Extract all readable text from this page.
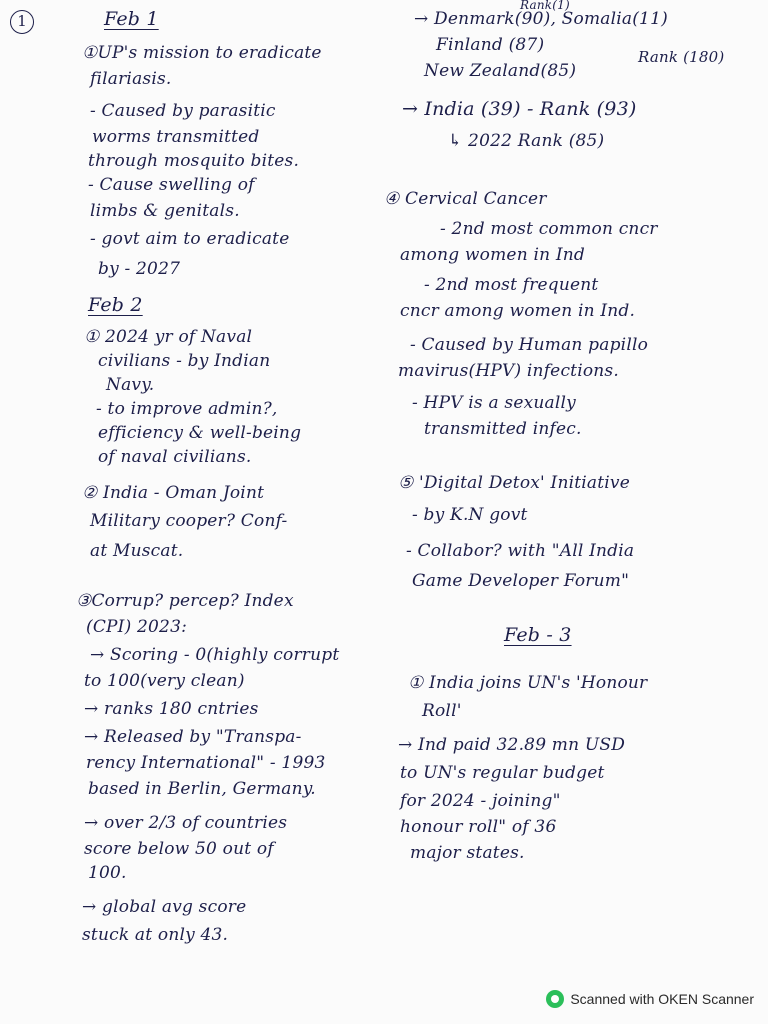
1	Feb 1
①UP's mission to eradicate
filariasis.
- Caused by parasitic
worms transmitted
through mosquito bites.
- Cause swelling of
limbs & genitals.
- govt aim to eradicate
by - 2027
Feb 2
① 2024 yr of Naval
civilians - by Indian
Navy.
- to improve admin?,
efficiency & well-being
of naval civilians.
② India - Oman Joint
Military cooper? Conf-
at Muscat.
③Corrup? percep? Index
(CPI) 2023:
→ Scoring - 0(highly corrupt
to 100(very clean)
→ ranks 180 cntries
→ Released by "Transpa-
rency International" - 1993
based in Berlin, Germany.
→ over 2/3 of countries
score below 50 out of
100.
→ global avg score
stuck at only 43.
→ Denmark(90), Somalia(11)
Rank(1)
Finland (87)
Rank (180)
New Zealand(85)
→ India (39) - Rank (93)
↳ 2022 Rank (85)
④ Cervical Cancer
- 2nd most common cncr
among women in Ind
- 2nd most frequent
cncr among women in Ind.
- Caused by Human papillo
mavirus(HPV) infections.
- HPV is a sexually
transmitted infec.
⑤ 'Digital Detox' Initiative
- by K.N govt
- Collabor? with "All India
Game Developer Forum"
Feb - 3
① India joins UN's 'Honour
Roll'
→ Ind paid 32.89 mn USD
to UN's regular budget
for 2024 - joining"
honour roll" of 36
major states.
Scanned with OKEN Scanner
